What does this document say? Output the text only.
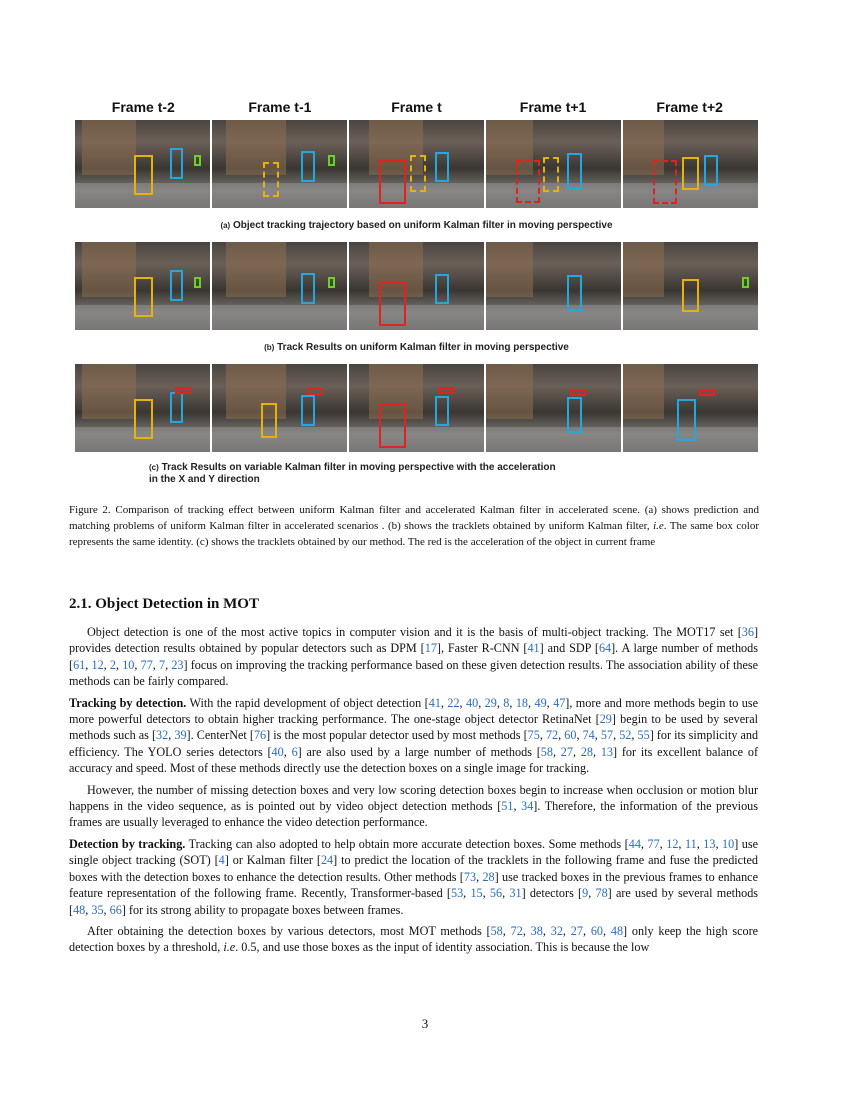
Frame t-2	Frame t-1	Frame t	Frame t+1	Frame t+2
(a) Object tracking trajectory based on uniform Kalman filter in moving perspective
(b) Track Results on uniform Kalman filter in moving perspective
(c) Track Results on variable Kalman filter in moving perspective with the acceleration
in the X and Y direction
Figure 2. Comparison of tracking effect between uniform Kalman filter and accelerated Kalman filter in accelerated scene. (a) shows prediction and matching problems of uniform Kalman filter in accelerated scenarios . (b) shows the tracklets obtained by uniform Kalman filter, i.e. The same box color represents the same identity. (c) shows the tracklets obtained by our method. The red is the acceleration of the object in current frame
2.1. Object Detection in MOT

Object detection is one of the most active topics in computer vision and it is the basis of multi-object tracking. The MOT17 set [36] provides detection results obtained by popular detectors such as DPM [17], Faster R-CNN [41] and SDP [64]. A large number of methods [61, 12, 2, 10, 77, 7, 23] focus on improving the tracking performance based on these given detection results. The association ability of these methods can be fairly compared.

Tracking by detection. With the rapid development of object detection [41, 22, 40, 29, 8, 18, 49, 47], more and more methods begin to use more powerful detectors to obtain higher tracking performance. The one-stage object detector RetinaNet [29] begin to be used by several methods such as [32, 39]. CenterNet [76] is the most popular detector used by most methods [75, 72, 60, 74, 57, 52, 55] for its simplicity and efficiency. The YOLO series detectors [40, 6] are also used by a large number of methods [58, 27, 28, 13] for its excellent balance of accuracy and speed. Most of these methods directly use the detection boxes on a single image for tracking.

However, the number of missing detection boxes and very low scoring detection boxes begin to increase when occlusion or motion blur happens in the video sequence, as is pointed out by video object detection methods [51, 34]. Therefore, the information of the previous frames are usually leveraged to enhance the video detection performance.

Detection by tracking. Tracking can also adopted to help obtain more accurate detection boxes. Some methods [44, 77, 12, 11, 13, 10] use single object tracking (SOT) [4] or Kalman filter [24] to predict the location of the tracklets in the following frame and fuse the predicted boxes with the detection boxes to enhance the detection results. Other methods [73, 28] use tracked boxes in the previous frames to enhance feature representation of the following frame. Recently, Transformer-based [53, 15, 56, 31] detectors [9, 78] are used by several methods [48, 35, 66] for its strong ability to propagate boxes between frames.

After obtaining the detection boxes by various detectors, most MOT methods [58, 72, 38, 32, 27, 60, 48] only keep the high score detection boxes by a threshold, i.e. 0.5, and use those boxes as the input of identity association. This is because the low

3
